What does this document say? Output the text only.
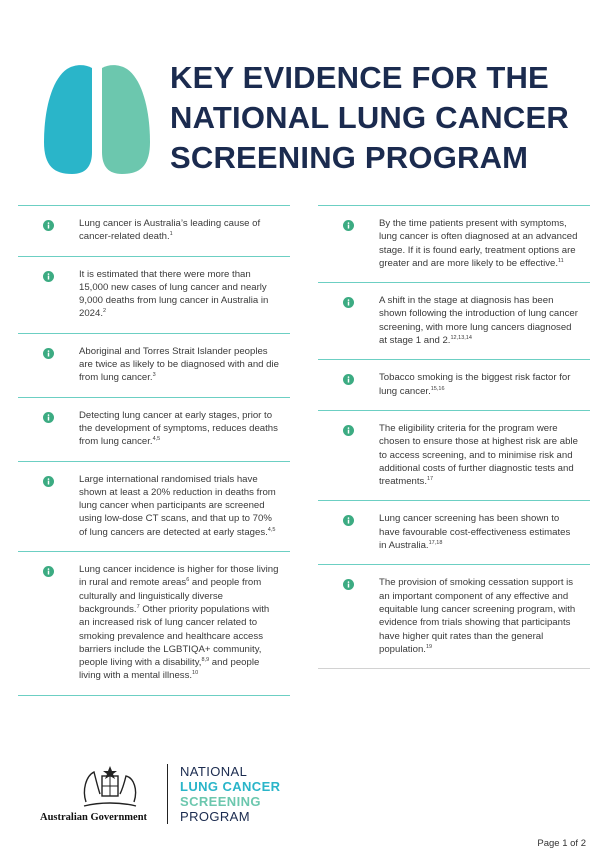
KEY EVIDENCE FOR THE
NATIONAL LUNG CANCER
SCREENING PROGRAM

Lung cancer is Australia’s leading cause of cancer-related death.$^1$

It is estimated that there were more than 15,000 new cases of lung cancer and nearly 9,000 deaths from lung cancer in Australia in 2024.$^2$

Aboriginal and Torres Strait Islander peoples are twice as likely to be diagnosed with and die from lung cancer.$^3$

Detecting lung cancer at early stages, prior to the development of symptoms, reduces deaths from lung cancer.$^{4,5}$

Large international randomised trials have shown at least a 20% reduction in deaths from lung cancer when participants are screened using low-dose CT scans, and that up to 70% of lung cancers are detected at early stages.$^{4,5}$

Lung cancer incidence is higher for those living in rural and remote areas$^6$ and people from culturally and linguistically diverse backgrounds.$^7$ Other priority populations with an increased risk of lung cancer related to smoking prevalence and healthcare access barriers include the LGBTIQA+ community, people living with a disability,$^{8,9}$ and people living with a mental illness.$^{10}$

By the time patients present with symptoms, lung cancer is often diagnosed at an advanced stage. If it is found early, treatment options are greater and are more likely to be effective.$^{11}$

A shift in the stage at diagnosis has been shown following the introduction of lung cancer screening, with more lung cancers diagnosed at stage 1 and 2.$^{12,13,14}$

Tobacco smoking is the biggest risk factor for lung cancer.$^{15,16}$

The eligibility criteria for the program were chosen to ensure those at highest risk are able to access screening, and to minimise risk and additional costs of further diagnostic tests and treatments.$^{17}$

Lung cancer screening has been shown to have favourable cost-effectiveness estimates in Australia.$^{17,18}$

The provision of smoking cessation support is an important component of any effective and equitable lung cancer screening program, with evidence from trials showing that participants have higher quit rates than the general population.$^{19}$

Australian Government
NATIONAL
LUNG CANCER
SCREENING
PROGRAM
Page 1 of 2
